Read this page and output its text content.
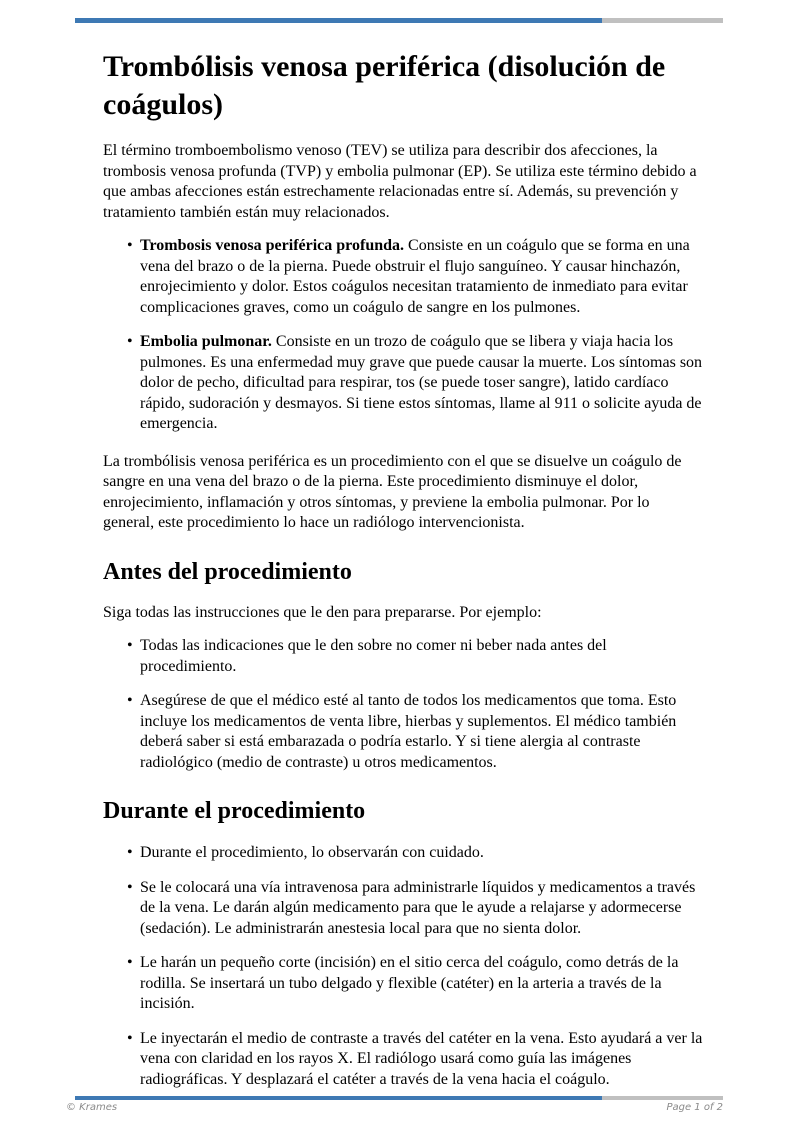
Trombólisis venosa periférica (disolución de coágulos)

El término tromboembolismo venoso (TEV) se utiliza para describir dos afecciones, la trombosis venosa profunda (TVP) y embolia pulmonar (EP). Se utiliza este término debido a que ambas afecciones están estrechamente relacionadas entre sí. Además, su prevención y tratamiento también están muy relacionados.

•
Trombosis venosa periférica profunda. Consiste en un coágulo que se forma en una vena del brazo o de la pierna. Puede obstruir el flujo sanguíneo. Y causar hinchazón, enrojecimiento y dolor. Estos coágulos necesitan tratamiento de inmediato para evitar complicaciones graves, como un coágulo de sangre en los pulmones.
•
Embolia pulmonar. Consiste en un trozo de coágulo que se libera y viaja hacia los pulmones. Es una enfermedad muy grave que puede causar la muerte. Los síntomas son dolor de pecho, dificultad para respirar, tos (se puede toser sangre), latido cardíaco rápido, sudoración y desmayos. Si tiene estos síntomas, llame al 911 o solicite ayuda de emergencia.

La trombólisis venosa periférica es un procedimiento con el que se disuelve un coágulo de sangre en una vena del brazo o de la pierna. Este procedimiento disminuye el dolor, enrojecimiento, inflamación y otros síntomas, y previene la embolia pulmonar. Por lo general, este procedimiento lo hace un radiólogo intervencionista.

Antes del procedimiento

Siga todas las instrucciones que le den para prepararse. Por ejemplo:

•
Todas las indicaciones que le den sobre no comer ni beber nada antes del procedimiento.
•
Asegúrese de que el médico esté al tanto de todos los medicamentos que toma. Esto incluye los medicamentos de venta libre, hierbas y suplementos. El médico también deberá saber si está embarazada o podría estarlo. Y si tiene alergia al contraste radiológico (medio de contraste) u otros medicamentos.
Durante el procedimiento
•
Durante el procedimiento, lo observarán con cuidado.
•
Se le colocará una vía intravenosa para administrarle líquidos y medicamentos a través de la vena. Le darán algún medicamento para que le ayude a relajarse y adormecerse (sedación). Le administrarán anestesia local para que no sienta dolor.
•
Le harán un pequeño corte (incisión) en el sitio cerca del coágulo, como detrás de la rodilla. Se insertará un tubo delgado y flexible (catéter) en la arteria a través de la incisión.
•
Le inyectarán el medio de contraste a través del catéter en la vena. Esto ayudará a ver la vena con claridad en los rayos X. El radiólogo usará como guía las imágenes radiográficas. Y desplazará el catéter a través de la vena hacia el coágulo.
© Krames	Page 1 of 2
